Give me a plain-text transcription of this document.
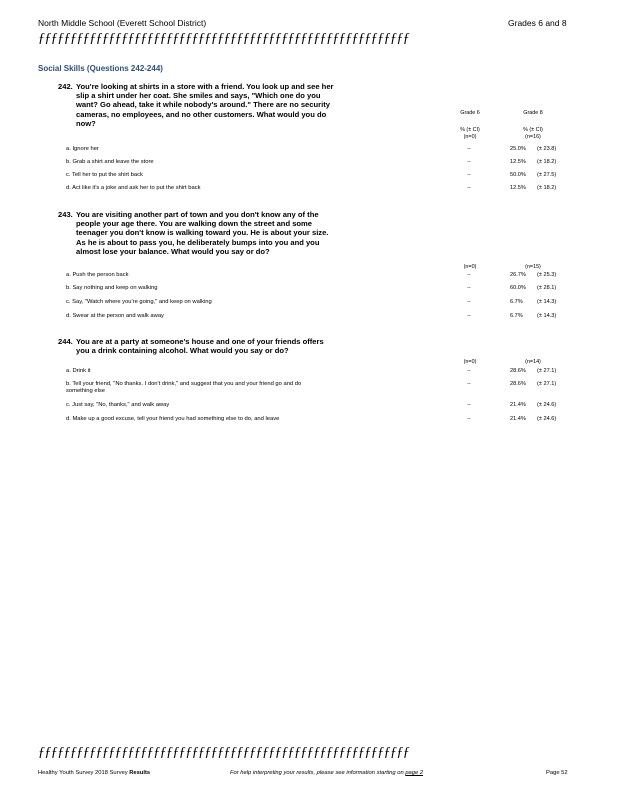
North Middle School (Everett School District)	Grades 6 and 8
ƒƒƒƒƒƒƒƒƒƒƒƒƒƒƒƒƒƒƒƒƒƒƒƒƒƒƒƒƒƒƒƒƒƒƒƒƒƒƒƒƒƒƒƒƒƒƒƒƒƒƒƒƒƒƒƒƒƒ
Social Skills (Questions 242-244)
242. You're looking at shirts in a store with a friend. You look up and see her slip a shirt under her coat. She smiles and says, "Which one do you want? Go ahead, take it while nobody's around." There are no security cameras, no employees, and no other customers. What would you do now?
Grade 6	Grade 8
% (± CI)	% (± CI)
(n=0)	(n=16)
a. Ignore her	--	25.0% (± 23.8)
b. Grab a shirt and leave the store	--	12.5% (± 18.2)
c. Tell her to put the shirt back	--	50.0% (± 27.5)
d. Act like it's a joke and ask her to put the shirt back	--	12.5% (± 18.2)
243. You are visiting another part of town and you don't know any of the people your age there. You are walking down the street and some teenager you don't know is walking toward you. He is about your size. As he is about to pass you, he deliberately bumps into you and you almost lose your balance. What would you say or do?
(n=0)	(n=15)
a. Push the person back	--	26.7% (± 25.3)
b. Say nothing and keep on walking	--	60.0% (± 28.1)
c. Say, "Watch where you're going," and keep on walking	--	6.7%	(± 14.3)
d. Swear at the person and walk away	--	6.7%	(± 14.3)
244. You are at a party at someone's house and one of your friends offers you a drink containing alcohol. What would you say or do?
(n=0)	(n=14)
a. Drink it	--	28.6% (± 27.1)
b. Tell your friend, "No thanks. I don't drink," and suggest that you and your friend go and do something else
--	28.6% (± 27.1)
c. Just say, "No, thanks," and walk away	--	21.4% (± 24.6)
d. Make up a good excuse, tell your friend you had something else to do, and leave	--	21.4% (± 24.6)
ƒƒƒƒƒƒƒƒƒƒƒƒƒƒƒƒƒƒƒƒƒƒƒƒƒƒƒƒƒƒƒƒƒƒƒƒƒƒƒƒƒƒƒƒƒƒƒƒƒƒƒƒƒƒƒƒƒƒ
Healthy Youth Survey 2018 Survey Results	For help interpreting your results, please see information starting on page 2	Page 52
